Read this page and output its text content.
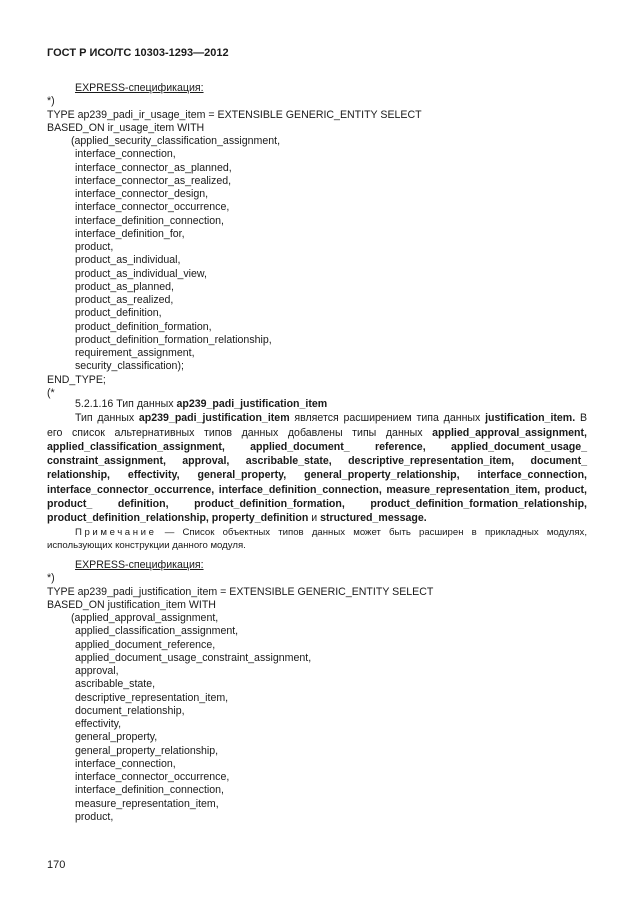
ГОСТ Р ИСО/ТС 10303-1293—2012
EXPRESS-спецификация:
*)
TYPE ap239_padi_ir_usage_item = EXTENSIBLE GENERIC_ENTITY SELECT
BASED_ON ir_usage_item WITH
(applied_security_classification_assignment,
interface_connection,
interface_connector_as_planned,
interface_connector_as_realized,
interface_connector_design,
interface_connector_occurrence,
interface_definition_connection,
interface_definition_for,
product,
product_as_individual,
product_as_individual_view,
product_as_planned,
product_as_realized,
product_definition,
product_definition_formation,
product_definition_formation_relationship,
requirement_assignment,
security_classification);
END_TYPE;
(*
5.2.1.16 Тип данных ap239_padi_justification_item
Тип данных ap239_padi_justification_item является расширением типа данных justification_item. В его список альтернативных типов данных добавлены типы данных applied_approval_assignment, applied_classification_assignment, applied_document_ reference, applied_document_usage_ constraint_assignment, approval, ascribable_state, descriptive_representation_item, document_ relationship, effectivity, general_property, general_property_relationship, interface_connection, interface_connector_occurrence, interface_definition_connection, measure_representation_item, product, product_ definition, product_definition_formation, product_definition_formation_relationship, product_definition_relationship, property_definition и structured_message.
Примечание — Список объектных типов данных может быть расширен в прикладных модулях, использующих конструкции данного модуля.
EXPRESS-спецификация:
*)
TYPE ap239_padi_justification_item = EXTENSIBLE GENERIC_ENTITY SELECT
BASED_ON justification_item WITH
(applied_approval_assignment,
applied_classification_assignment,
applied_document_reference,
applied_document_usage_constraint_assignment,
approval,
ascribable_state,
descriptive_representation_item,
document_relationship,
effectivity,
general_property,
general_property_relationship,
interface_connection,
interface_connector_occurrence,
interface_definition_connection,
measure_representation_item,
product,
170
